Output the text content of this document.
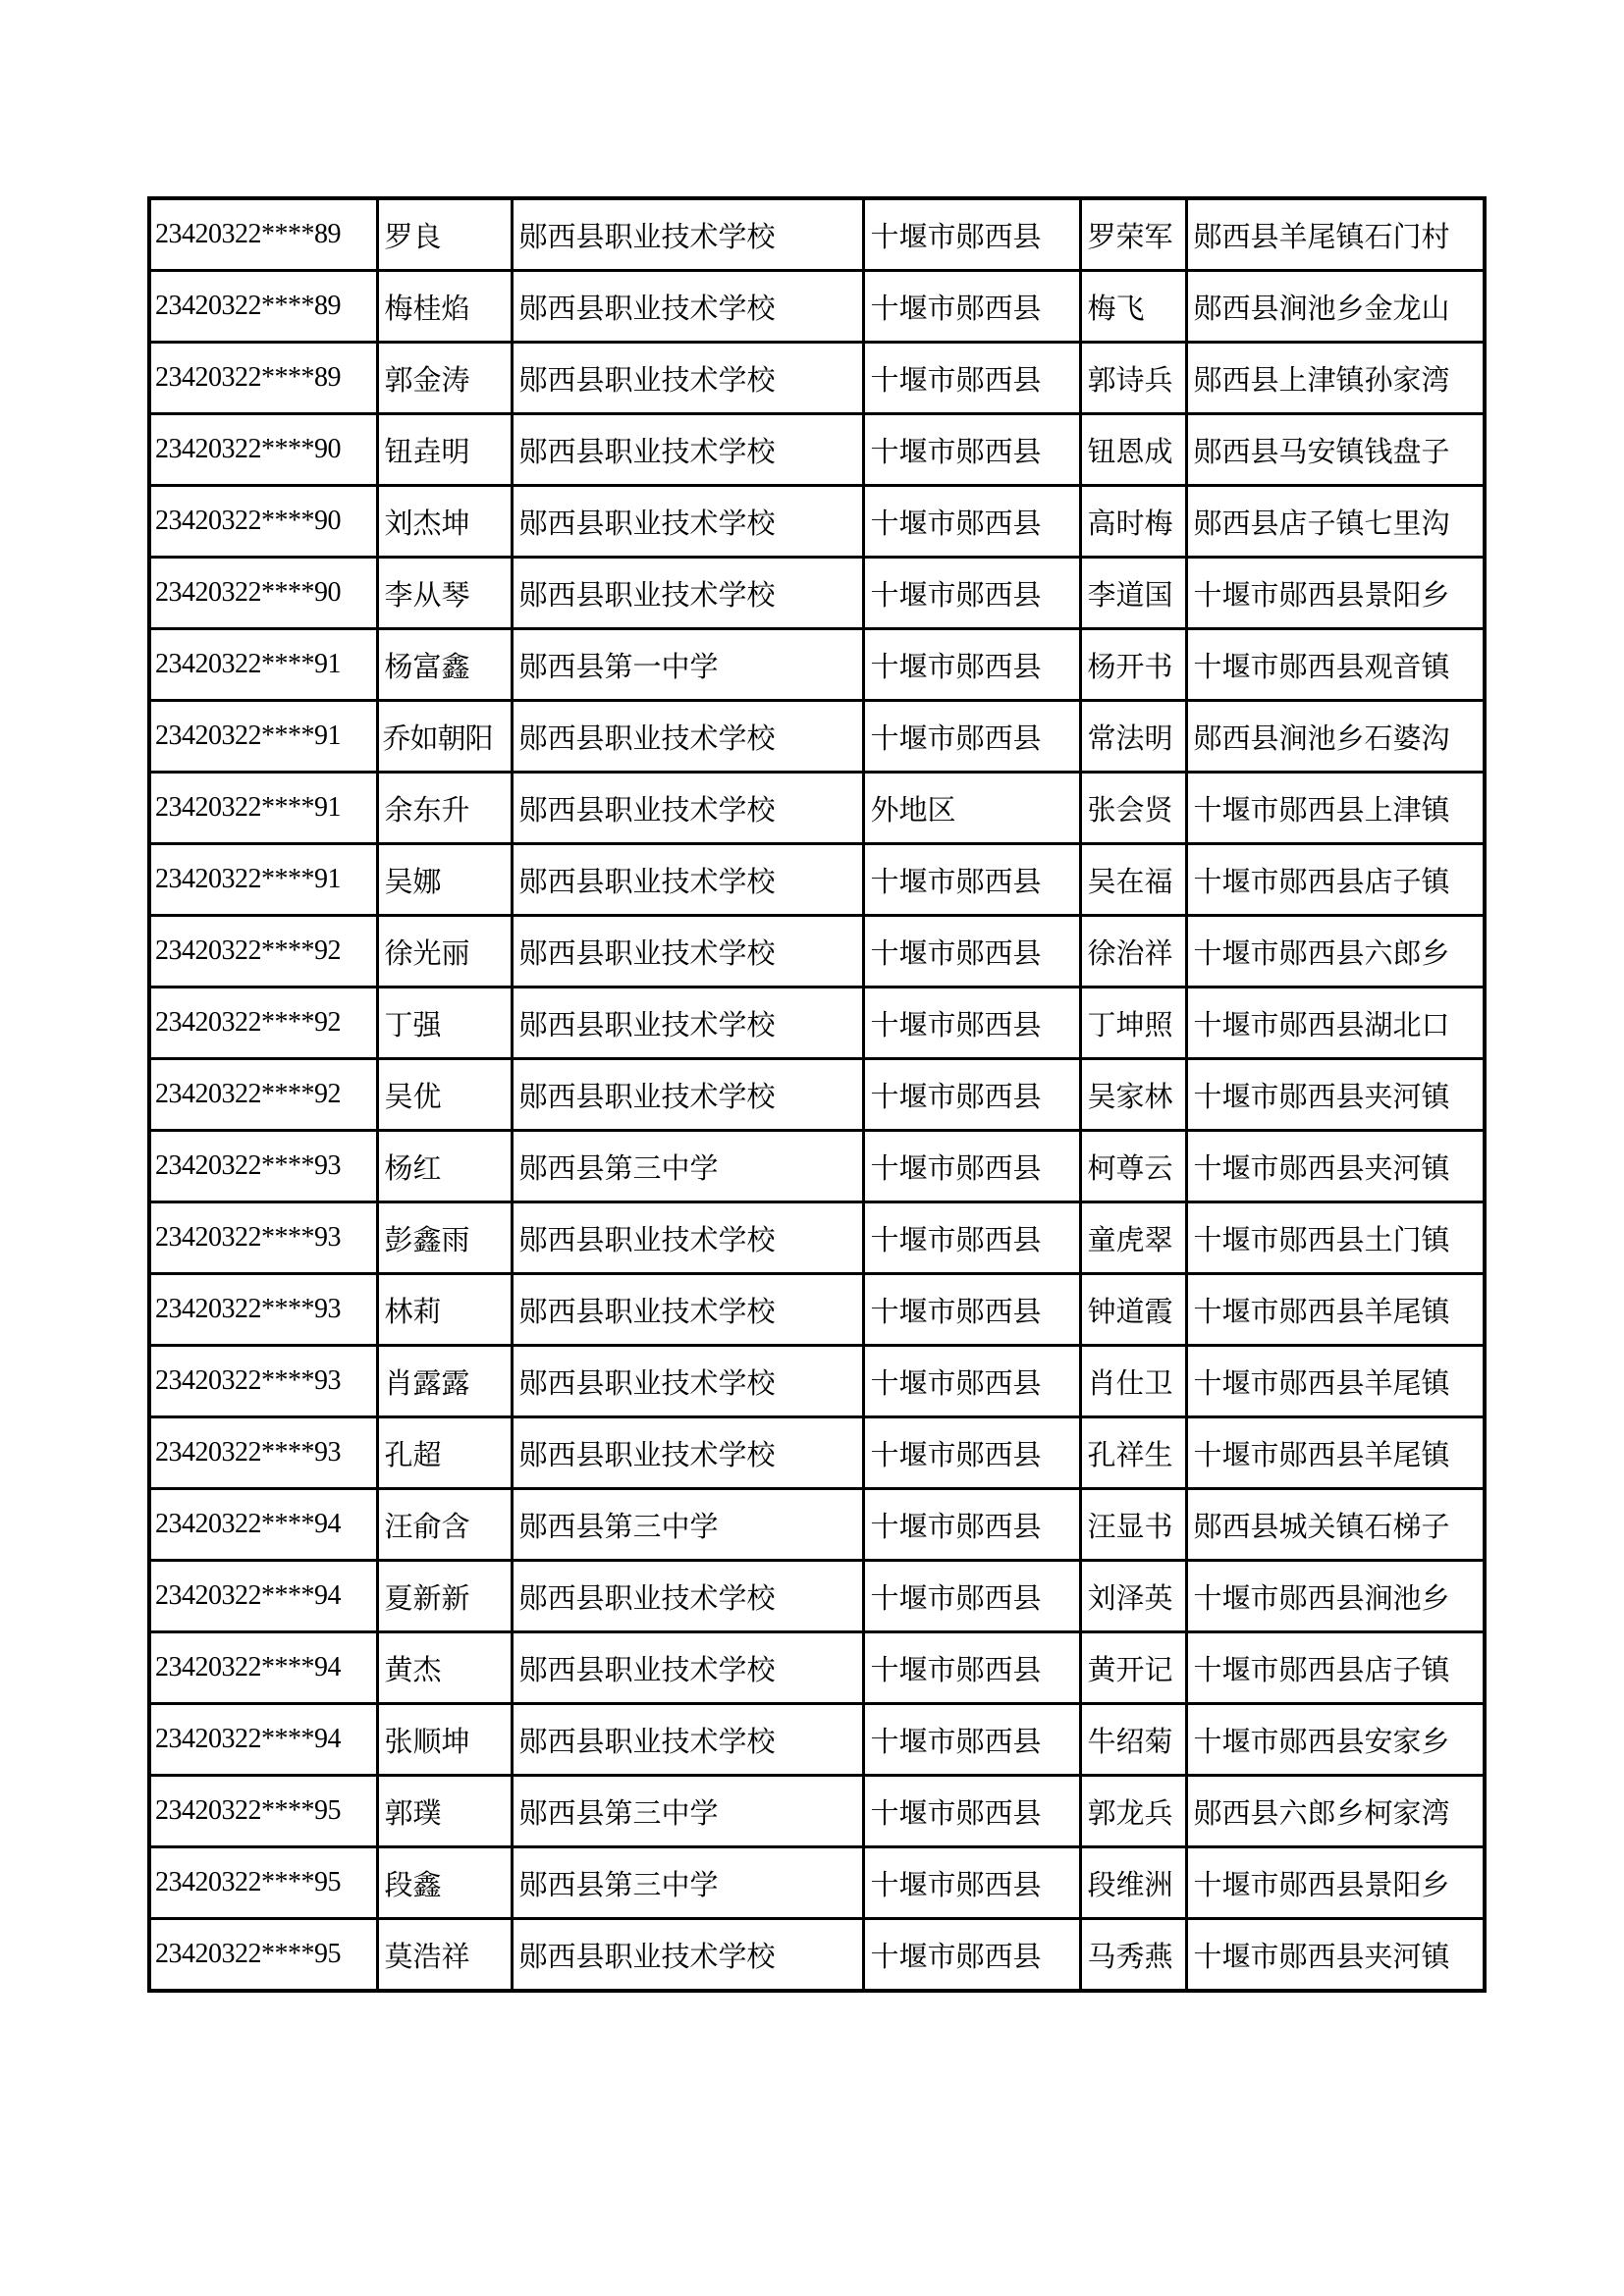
23420322****89	罗良	郧西县职业技术学校	十堰市郧西县	罗荣军	郧西县羊尾镇石门村
23420322****89	梅桂焰	郧西县职业技术学校	十堰市郧西县	梅飞	郧西县涧池乡金龙山
23420322****89	郭金涛	郧西县职业技术学校	十堰市郧西县	郭诗兵	郧西县上津镇孙家湾
23420322****90	钮垚明	郧西县职业技术学校	十堰市郧西县	钮恩成	郧西县马安镇钱盘子
23420322****90	刘杰坤	郧西县职业技术学校	十堰市郧西县	高时梅	郧西县店子镇七里沟
23420322****90	李从琴	郧西县职业技术学校	十堰市郧西县	李道国	十堰市郧西县景阳乡
23420322****91	杨富鑫	郧西县第一中学	十堰市郧西县	杨开书	十堰市郧西县观音镇
23420322****91	乔如朝阳	郧西县职业技术学校	十堰市郧西县	常法明	郧西县涧池乡石婆沟
23420322****91	余东升	郧西县职业技术学校	外地区	张会贤	十堰市郧西县上津镇
23420322****91	吴娜	郧西县职业技术学校	十堰市郧西县	吴在福	十堰市郧西县店子镇
23420322****92	徐光丽	郧西县职业技术学校	十堰市郧西县	徐治祥	十堰市郧西县六郎乡
23420322****92	丁强	郧西县职业技术学校	十堰市郧西县	丁坤照	十堰市郧西县湖北口
23420322****92	吴优	郧西县职业技术学校	十堰市郧西县	吴家林	十堰市郧西县夹河镇
23420322****93	杨红	郧西县第三中学	十堰市郧西县	柯尊云	十堰市郧西县夹河镇
23420322****93	彭鑫雨	郧西县职业技术学校	十堰市郧西县	童虎翠	十堰市郧西县土门镇
23420322****93	林莉	郧西县职业技术学校	十堰市郧西县	钟道霞	十堰市郧西县羊尾镇
23420322****93	肖露露	郧西县职业技术学校	十堰市郧西县	肖仕卫	十堰市郧西县羊尾镇
23420322****93	孔超	郧西县职业技术学校	十堰市郧西县	孔祥生	十堰市郧西县羊尾镇
23420322****94	汪俞含	郧西县第三中学	十堰市郧西县	汪显书	郧西县城关镇石梯子
23420322****94	夏新新	郧西县职业技术学校	十堰市郧西县	刘泽英	十堰市郧西县涧池乡
23420322****94	黄杰	郧西县职业技术学校	十堰市郧西县	黄开记	十堰市郧西县店子镇
23420322****94	张顺坤	郧西县职业技术学校	十堰市郧西县	牛绍菊	十堰市郧西县安家乡
23420322****95	郭璞	郧西县第三中学	十堰市郧西县	郭龙兵	郧西县六郎乡柯家湾
23420322****95	段鑫	郧西县第三中学	十堰市郧西县	段维洲	十堰市郧西县景阳乡
23420322****95	莫浩祥	郧西县职业技术学校	十堰市郧西县	马秀燕	十堰市郧西县夹河镇
